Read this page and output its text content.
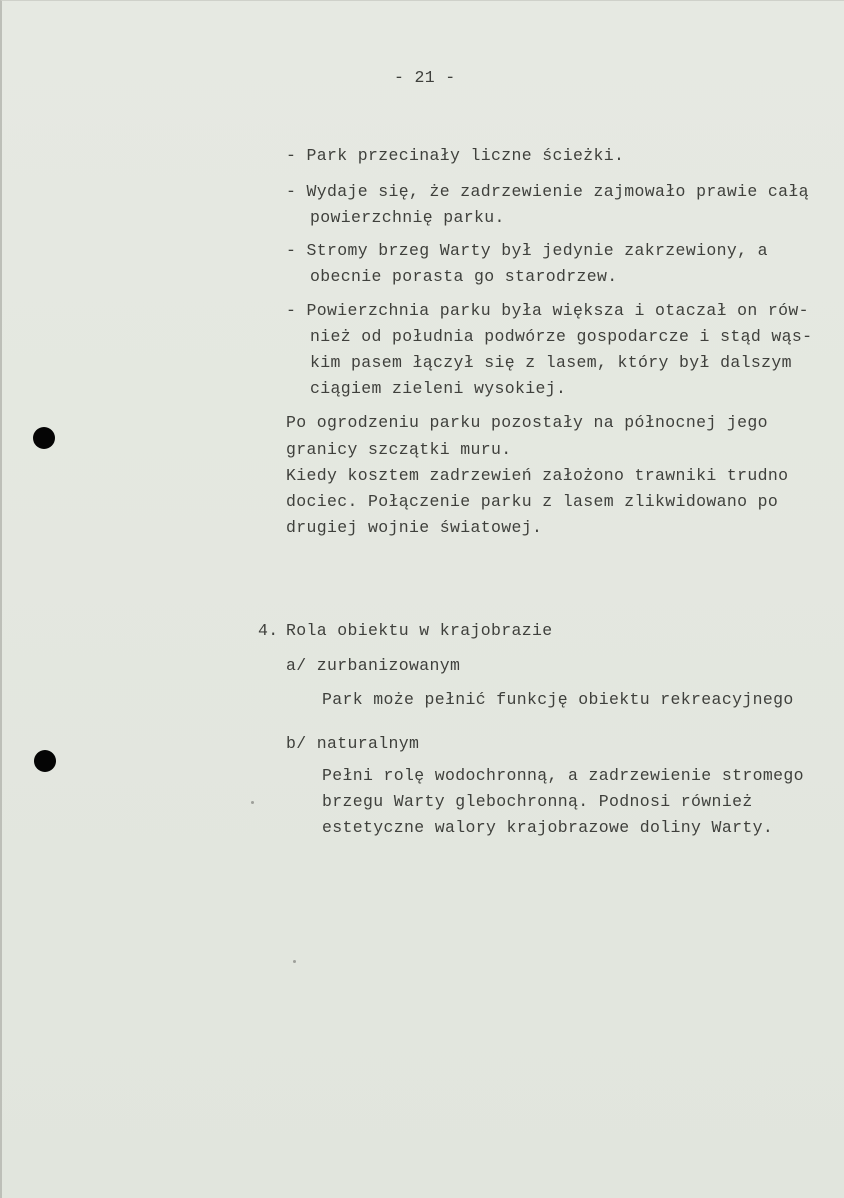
- 21 -
- Park przecinały liczne ścieżki.
- Wydaje się, że zadrzewienie zajmowało prawie całą
powierzchnię parku.
- Stromy brzeg Warty był jedynie zakrzewiony, a
obecnie porasta go starodrzew.
- Powierzchnia parku była większa i otaczał on rów-
nież od południa podwórze gospodarcze i stąd wąs-
kim pasem łączył się z lasem, który był dalszym
ciągiem zieleni wysokiej.
Po ogrodzeniu parku pozostały na północnej jego
granicy szczątki muru.
Kiedy kosztem zadrzewień założono trawniki trudno
dociec. Połączenie parku z lasem zlikwidowano po
drugiej wojnie światowej.
4. Rola obiektu w krajobrazie
a/ zurbanizowanym
Park może pełnić funkcję obiektu rekreacyjnego
b/ naturalnym
Pełni rolę wodochronną, a zadrzewienie stromego
brzegu Warty glebochronną. Podnosi również
estetyczne walory krajobrazowe doliny Warty.
